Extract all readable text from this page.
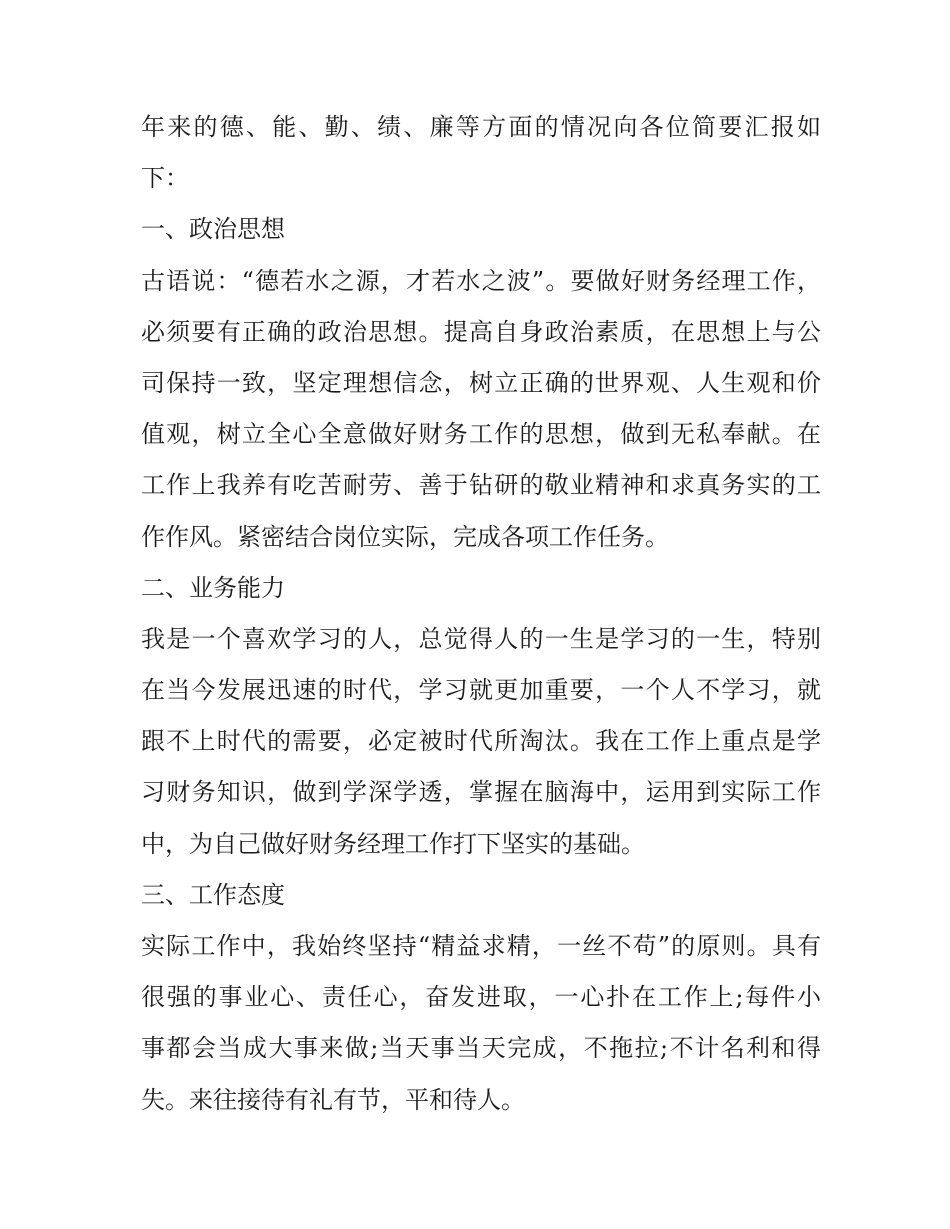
年来的德、能、勤、绩、廉等方面的情况向各位简要汇报如
下：
一、政治思想
古语说：“德若水之源，才若水之波”。要做好财务经理工作，
必须要有正确的政治思想。提高自身政治素质，在思想上与公
司保持一致，坚定理想信念，树立正确的世界观、人生观和价
值观，树立全心全意做好财务工作的思想，做到无私奉献。在
工作上我养有吃苦耐劳、善于钻研的敬业精神和求真务实的工
作作风。紧密结合岗位实际，完成各项工作任务。
二、业务能力
我是一个喜欢学习的人，总觉得人的一生是学习的一生，特别
在当今发展迅速的时代，学习就更加重要，一个人不学习，就
跟不上时代的需要，必定被时代所淘汰。我在工作上重点是学
习财务知识，做到学深学透，掌握在脑海中，运用到实际工作
中，为自己做好财务经理工作打下坚实的基础。
三、工作态度
实际工作中，我始终坚持“精益求精，一丝不苟”的原则。具有
很强的事业心、责任心，奋发进取，一心扑在工作上;每件小
事都会当成大事来做;当天事当天完成，不拖拉;不计名利和得
失。来往接待有礼有节，平和待人。
